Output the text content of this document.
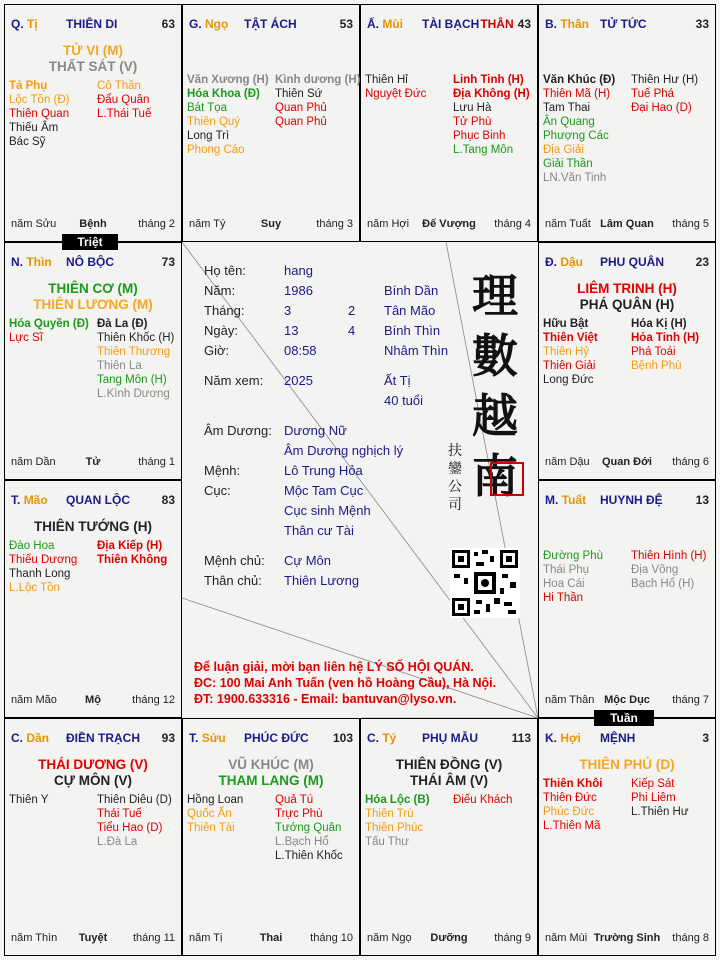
Họ tên:	hang
Năm:	1986	Bính Dần
Tháng:	3	2 Tân Mão
Ngày:	13	4 Bính Thìn
Giờ:	08:58	Nhâm Thìn
Năm xem: 2025	Ất Tị
40 tuổi
Âm Dương: Dương Nữ
Âm Dương nghịch lý
Mệnh:	Lô Trung Hỏa
Cục:	Mộc Tam Cục
Cục sinh Mệnh
Thân cư Tài
Mệnh chủ: Cự Môn
Thân chủ: Thiên Lương
理
數
越
南
扶
鑾
公
司
Để luận giải, mời bạn liên hệ LÝ SỐ HỘI QUÁN.
ĐC: 100 Mai Anh Tuấn (ven hồ Hoàng Cầu), Hà Nội.
ĐT: 1900.633316 - Email: bantuvan@lyso.vn.
Q. Tị THIÊN DI	63
TỬ VI (M)
THẤT SÁT (V)
Tả Phụ
Lộc Tồn (Đ)
Thiên Quan
Thiếu Âm
Bác Sỹ
Cô Thần
Đẩu Quân
L.Thái Tuế
năm Sửu	Bệnh	tháng 2
G. Ngọ TẬT ÁCH	53
Văn Xương (H)
Hóa Khoa (Đ)
Bát Tọa
Thiên Quý
Long Trì
Phong Cáo
Kình dương (H)
Thiên Sứ
Quan Phủ
Quan Phủ
năm Tý	Suy	tháng 3
Ấ. Mùi TÀI BẠCH THÂN 43
Thiên Hỉ
Nguyệt Đức
Linh Tinh (H)
Địa Không (H)
Lưu Hà
Tử Phù
Phục Binh
L.Tang Môn
năm Hợi	Đế Vượng	tháng 4
B. Thân TỬ TỨC	33
Văn Khúc (Đ)
Thiên Mã (H)
Tam Thai
Ân Quang
Phượng Các
Địa Giải
Giải Thần
LN.Văn Tinh
Thiên Hư (H)
Tuế Phá
Đại Hao (D)
năm Tuất Lâm Quan	tháng 5
Đ. Dậu PHU QUÂN	23
LIÊM TRINH (H)
PHÁ QUÂN (H)
Hữu Bật
Thiên Việt
Thiên Hỷ
Thiên Giải
Long Đức
Hóa Kị (H)
Hỏa Tinh (H)
Phá Toái
Bệnh Phù
năm Dậu	Quan Đới	tháng 6
M. Tuất HUYNH ĐỆ	13
Đường Phù
Thái Phụ
Hoa Cái
Hi Thần
Thiên Hình (H)
Địa Võng
Bạch Hổ (H)
năm Thân Mộc Dục	tháng 7
K. Hợi MỆNH	3
THIÊN PHỦ (D)
Thiên Khôi
Thiên Đức
Phúc Đức
L.Thiên Mã
Kiếp Sát
Phi Liêm
L.Thiên Hư
năm Mùi Trường Sinh	tháng 8
C. Tý PHỤ MẪU	113
THIÊN ĐỒNG (V)
THÁI ÂM (V)
Hóa Lộc (B)
Thiên Trù
Thiên Phúc
Tấu Thư
Điếu Khách
năm Ngọ	Dưỡng	tháng 9
T. Sửu PHÚC ĐỨC 103
VŨ KHÚC (M)
THAM LANG (M)
Hồng Loan
Quốc Ấn
Thiên Tài
Quả Tú
Trực Phù
Tướng Quân
L.Bạch Hổ
L.Thiên Khốc
năm Tị	Thai	tháng 10
C. Dần ĐIỀN TRẠCH 93
THÁI DƯƠNG (V)
CỰ MÔN (V)
Thiên Y	Thiên Diêu (D)
Thái Tuế
Tiểu Hao (D)
L.Đà La
năm Thìn	Tuyệt	tháng 11
T. Mão QUAN LỘC	83
THIÊN TƯỚNG (H)
Đào Hoa
Thiếu Dương
Thanh Long
L.Lộc Tồn
Địa Kiếp (H)
Thiên Không
năm Mão	Mộ	tháng 12
N. Thìn NÔ BỘC	73
THIÊN CƠ (M)
THIÊN LƯƠNG (M)
Hóa Quyền (Đ)
Lực Sĩ
Đà La (Đ)
Thiên Khốc (H)
Thiên Thương
Thiên La
Tang Môn (H)
L.Kình Dương
năm Dần	Tử	tháng 1
Triệt
Tuần
